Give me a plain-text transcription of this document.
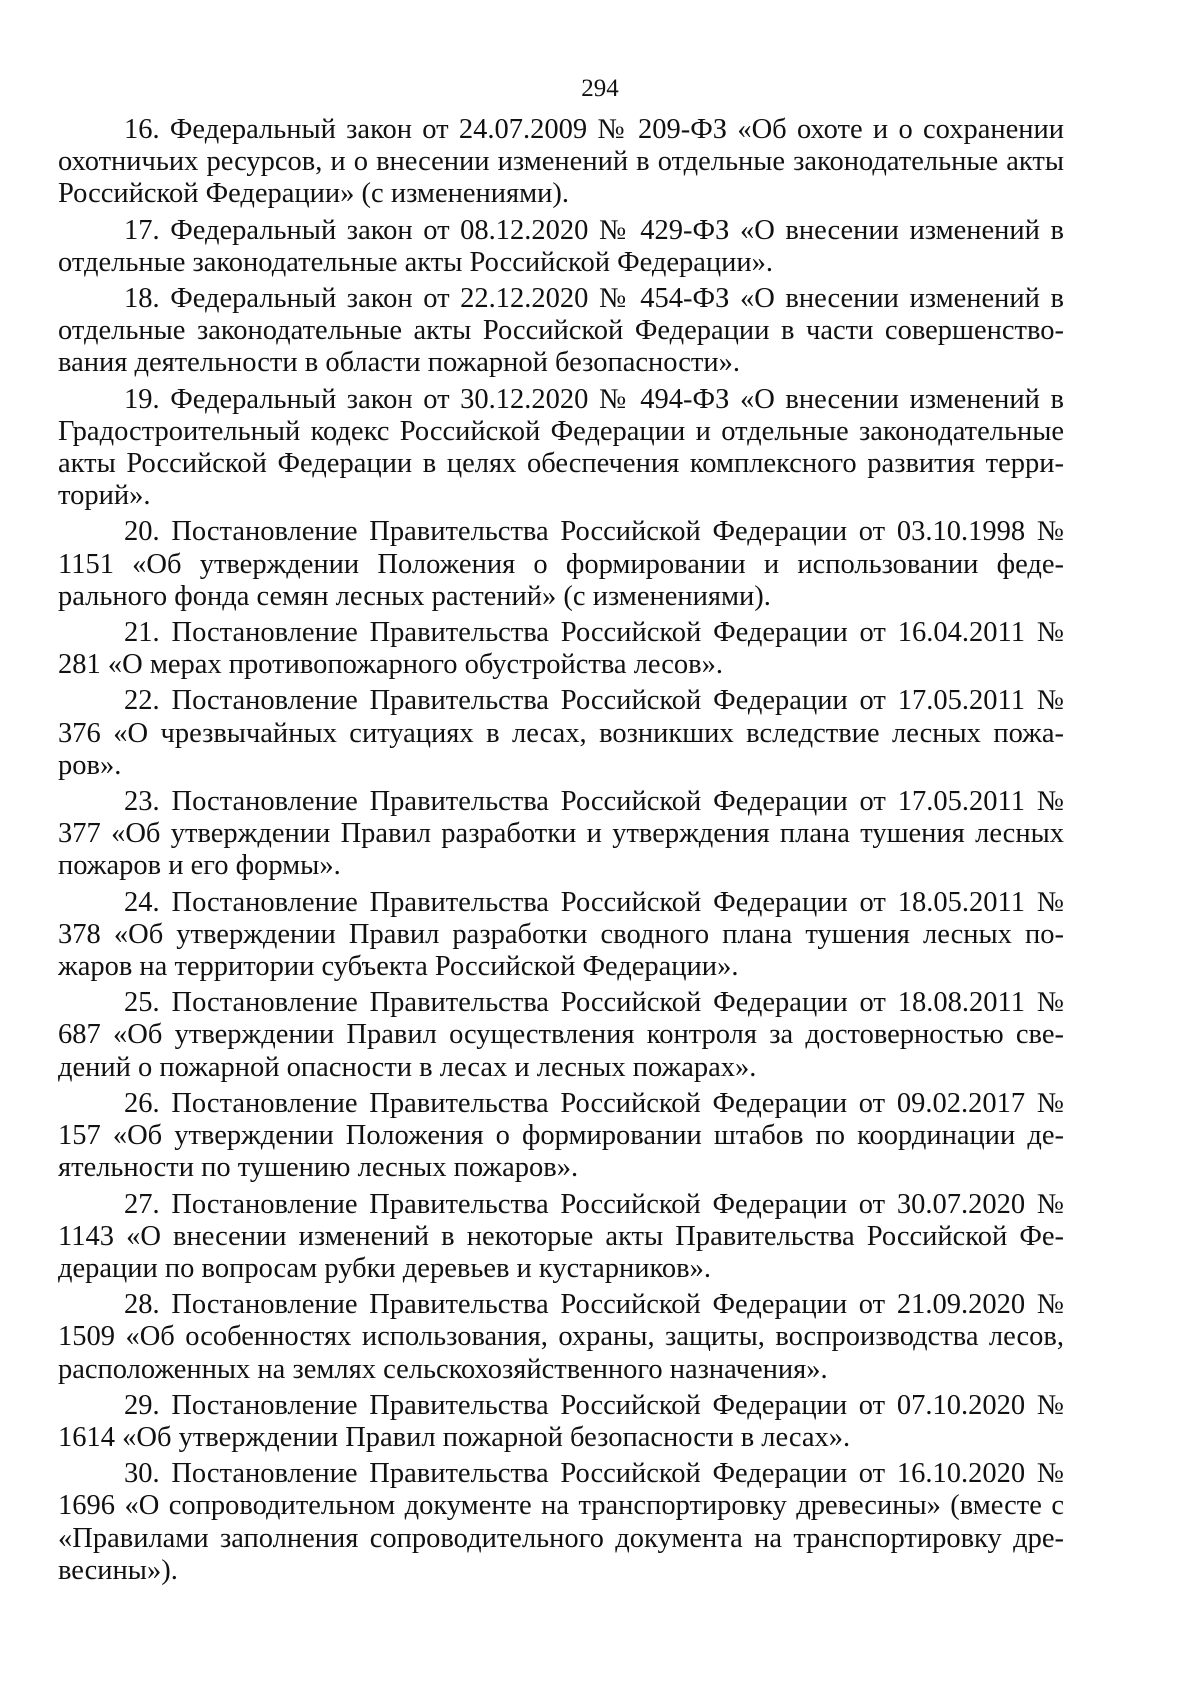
294

16. Федеральный закон от 24.07.2009 № 209-ФЗ «Об охоте и о сохранении охотничьих ресурсов, и о внесении изменений в отдельные законодательные акты Российской Федерации» (с изменениями).

17. Федеральный закон от 08.12.2020 № 429-ФЗ «О внесении изменений в отдельные законодательные акты Российской Федерации».

18. Федеральный закон от 22.12.2020 № 454-ФЗ «О внесении изменений в отдельные законодательные акты Российской Федерации в части совершенствования деятельности в области пожарной безопасности».

19. Федеральный закон от 30.12.2020 № 494-ФЗ «О внесении изменений в Градостроительный кодекс Российской Федерации и отдельные законодательные акты Российской Федерации в целях обеспечения комплексного развития территорий».

20. Постановление Правительства Российской Федерации от 03.10.1998 № 1151 «Об утверждении Положения о формировании и использовании федерального фонда семян лесных растений» (с изменениями).

21. Постановление Правительства Российской Федерации от 16.04.2011 № 281 «О мерах противопожарного обустройства лесов».

22. Постановление Правительства Российской Федерации от 17.05.2011 № 376 «О чрезвычайных ситуациях в лесах, возникших вследствие лесных пожаров».

23. Постановление Правительства Российской Федерации от 17.05.2011 № 377 «Об утверждении Правил разработки и утверждения плана тушения лесных пожаров и его формы».

24. Постановление Правительства Российской Федерации от 18.05.2011 № 378 «Об утверждении Правил разработки сводного плана тушения лесных пожаров на территории субъекта Российской Федерации».

25. Постановление Правительства Российской Федерации от 18.08.2011 № 687 «Об утверждении Правил осуществления контроля за достоверностью сведений о пожарной опасности в лесах и лесных пожарах».

26. Постановление Правительства Российской Федерации от 09.02.2017 № 157 «Об утверждении Положения о формировании штабов по координации деятельности по тушению лесных пожаров».

27. Постановление Правительства Российской Федерации от 30.07.2020 № 1143 «О внесении изменений в некоторые акты Правительства Российской Федерации по вопросам рубки деревьев и кустарников».

28. Постановление Правительства Российской Федерации от 21.09.2020 № 1509 «Об особенностях использования, охраны, защиты, воспроизводства лесов, расположенных на землях сельскохозяйственного назначения».

29. Постановление Правительства Российской Федерации от 07.10.2020 № 1614 «Об утверждении Правил пожарной безопасности в лесах».

30. Постановление Правительства Российской Федерации от 16.10.2020 № 1696 «О сопроводительном документе на транспортировку древесины» (вместе с «Правилами заполнения сопроводительного документа на транспортировку древесины»).
